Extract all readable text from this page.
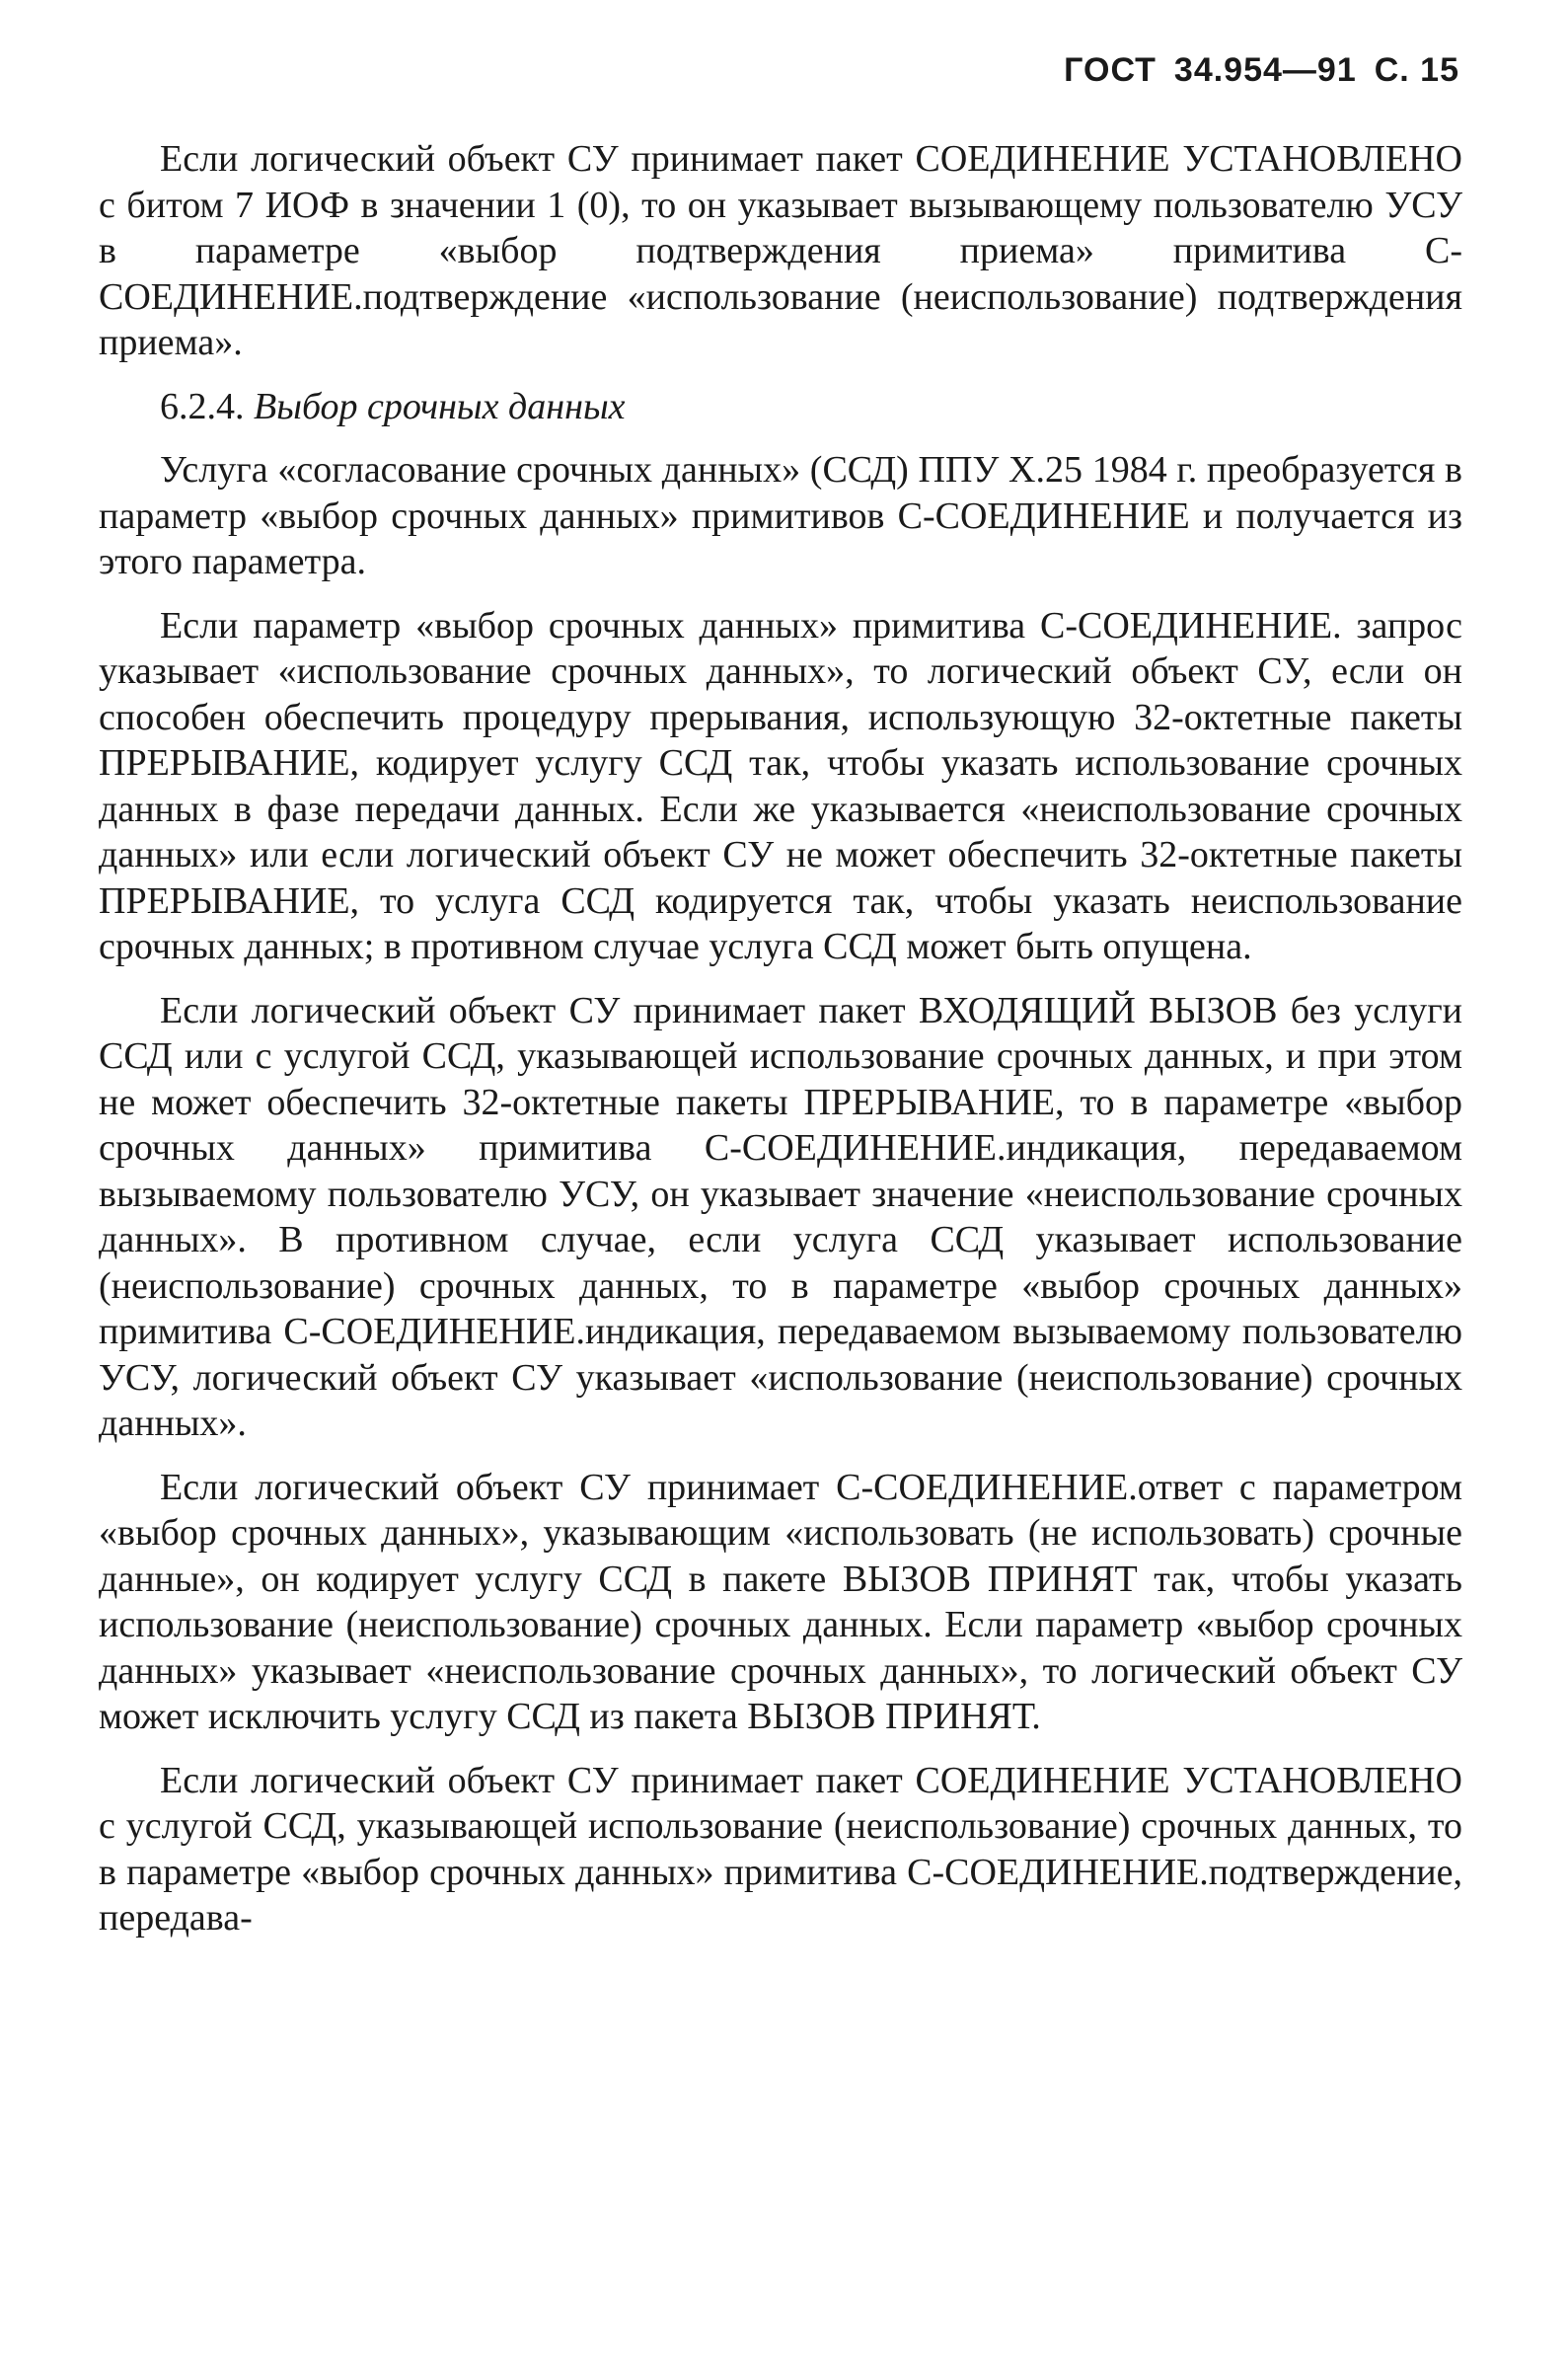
ГОСТ 34.954—91 С. 15

Если логический объект СУ принимает пакет СОЕДИНЕНИЕ УСТАНОВЛЕНО с битом 7 ИОФ в значении 1 (0), то он указывает вызывающему пользователю УСУ в параметре «выбор подтверждения приема» примитива С-СОЕДИНЕНИЕ.подтверждение «использование (неиспользование) подтверждения приема».

6.2.4. Выбор срочных данных

Услуга «согласование срочных данных» (ССД) ППУ Х.25 1984 г. преобразуется в параметр «выбор срочных данных» примитивов С-СОЕДИНЕНИЕ и получается из этого параметра.

Если параметр «выбор срочных данных» примитива С-СОЕДИНЕНИЕ. запрос указывает «использование срочных данных», то логический объект СУ, если он способен обеспечить процедуру прерывания, использующую 32-октетные пакеты ПРЕРЫВАНИЕ, кодирует услугу ССД так, чтобы указать использование срочных данных в фазе передачи данных. Если же указывается «неиспользование срочных данных» или если логический объект СУ не может обеспечить 32-октетные пакеты ПРЕРЫВАНИЕ, то услуга ССД кодируется так, чтобы указать неиспользование срочных данных; в противном случае услуга ССД может быть опущена.

Если логический объект СУ принимает пакет ВХОДЯЩИЙ ВЫЗОВ без услуги ССД или с услугой ССД, указывающей использование срочных данных, и при этом не может обеспечить 32-октетные пакеты ПРЕРЫВАНИЕ, то в параметре «выбор срочных данных» примитива С-СОЕДИНЕНИЕ.индикация, передаваемом вызываемому пользователю УСУ, он указывает значение «неиспользование срочных данных». В противном случае, если услуга ССД указывает использование (неиспользование) срочных данных, то в параметре «выбор срочных данных» примитива С-СОЕДИНЕНИЕ.индикация, передаваемом вызываемому пользователю УСУ, логический объект СУ указывает «использование (неиспользование) срочных данных».

Если логический объект СУ принимает С-СОЕДИНЕНИЕ.ответ с параметром «выбор срочных данных», указывающим «использовать (не использовать) срочные данные», он кодирует услугу ССД в пакете ВЫЗОВ ПРИНЯТ так, чтобы указать использование (неиспользование) срочных данных. Если параметр «выбор срочных данных» указывает «неиспользование срочных данных», то логический объект СУ может исключить услугу ССД из пакета ВЫЗОВ ПРИНЯТ.

Если логический объект СУ принимает пакет СОЕДИНЕНИЕ УСТАНОВЛЕНО с услугой ССД, указывающей использование (неиспользование) срочных данных, то в параметре «выбор срочных данных» примитива С-СОЕДИНЕНИЕ.подтверждение, передава-
